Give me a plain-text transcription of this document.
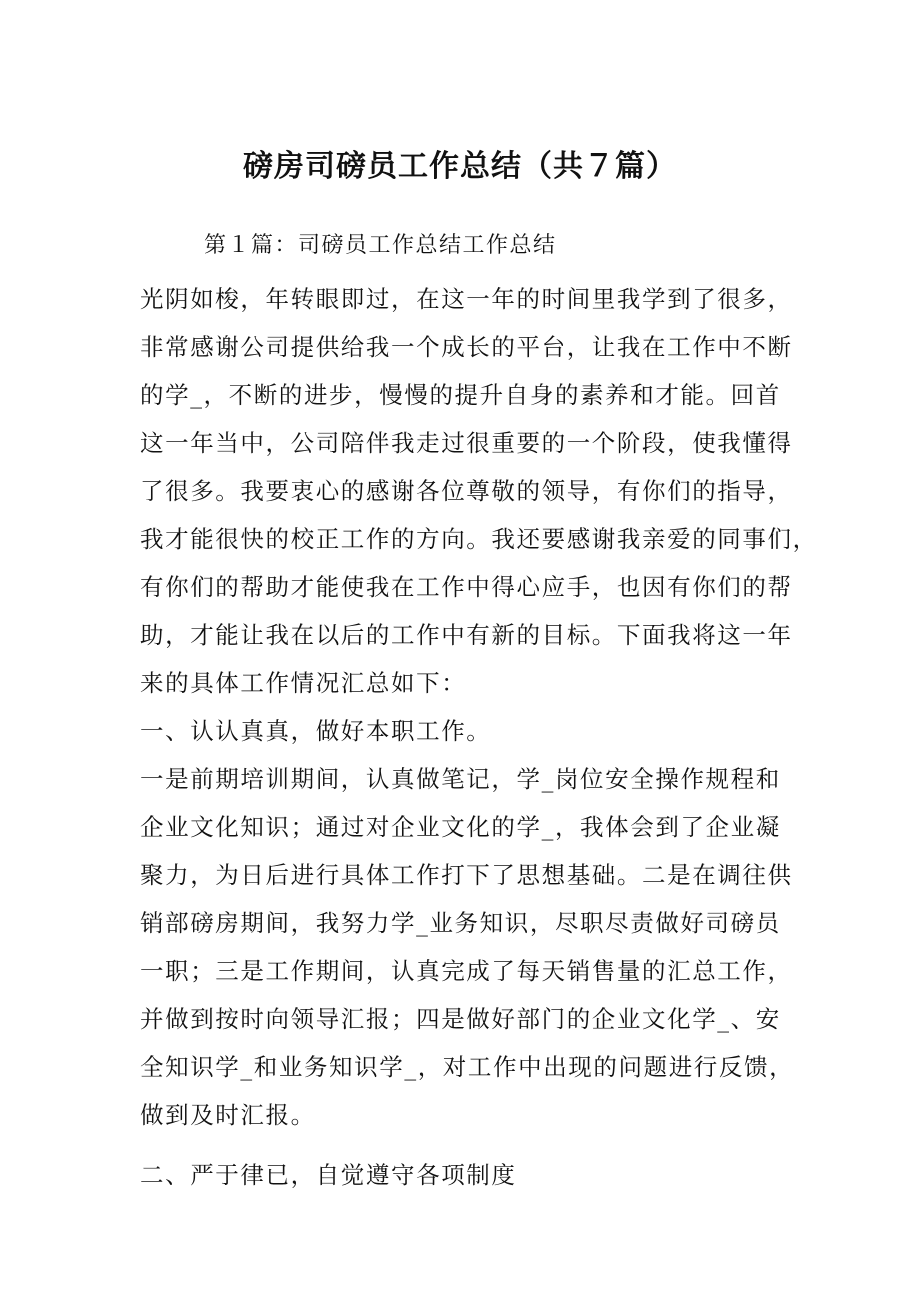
磅房司磅员工作总结（共７篇）
第１篇：司磅员工作总结工作总结
光阴如梭，年转眼即过，在这一年的时间里我学到了很多，
非常感谢公司提供给我一个成长的平台，让我在工作中不断
的学_，不断的进步，慢慢的提升自身的素养和才能。回首
这一年当中，公司陪伴我走过很重要的一个阶段，使我懂得
了很多。我要衷心的感谢各位尊敬的领导，有你们的指导，
我才能很快的校正工作的方向。我还要感谢我亲爱的同事们，
有你们的帮助才能使我在工作中得心应手，也因有你们的帮
助，才能让我在以后的工作中有新的目标。下面我将这一年
来的具体工作情况汇总如下：
一、认认真真，做好本职工作。
一是前期培训期间，认真做笔记，学_岗位安全操作规程和
企业文化知识；通过对企业文化的学_，我体会到了企业凝
聚力，为日后进行具体工作打下了思想基础。二是在调往供
销部磅房期间，我努力学_业务知识，尽职尽责做好司磅员
一职；三是工作期间，认真完成了每天销售量的汇总工作，
并做到按时向领导汇报；四是做好部门的企业文化学_、安
全知识学_和业务知识学_，对工作中出现的问题进行反馈，
做到及时汇报。
二、严于律已，自觉遵守各项制度
